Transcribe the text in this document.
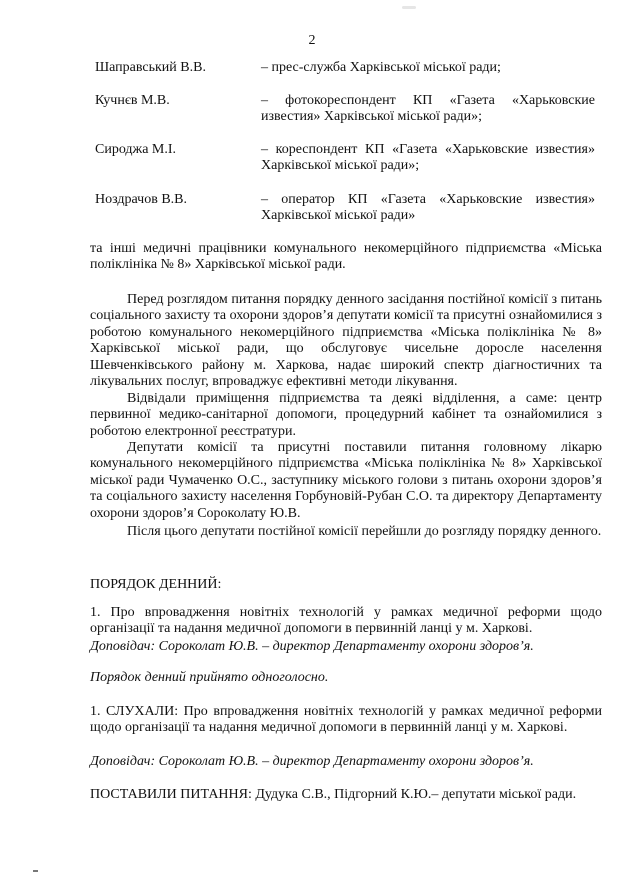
2
Шаправський В.В.	– прес-служба Харківської міської ради;
Кучнєв М.В.	– фотокореспондент КП «Газета «Харьковские известия» Харківської міської ради»;
Сироджа М.І.	– кореспондент КП «Газета «Харьковские известия» Харківської міської ради»;
Ноздрачов В.В.	– оператор КП «Газета «Харьковские известия» Харківської міської ради»
та інші медичні працівники комунального некомерційного підприємства «Міська поліклініка № 8» Харківської міської ради.
Перед розглядом питання порядку денного засідання постійної комісії з питань соціального захисту та охорони здоров’я депутати комісії та присутні ознайомилися з роботою комунального некомерційного підприємства «Міська поліклініка № 8» Харківської міської ради, що обслуговує чисельне доросле населення Шевченківського району м. Харкова, надає широкий спектр діагностичних та лікувальних послуг, впроваджує ефективні методи лікування.
Відвідали приміщення підприємства та деякі відділення, а саме: центр первинної медико-санітарної допомоги, процедурний кабінет та ознайомилися з роботою електронної реєстратури.
Депутати комісії та присутні поставили питання головному лікарю комунального некомерційного підприємства «Міська поліклініка № 8» Харківської міської ради Чумаченко О.С., заступнику міського голови з питань охорони здоров’я та соціального захисту населення Горбуновій-Рубан С.О. та директору Департаменту охорони здоров’я Сороколату Ю.В.
Після цього депутати постійної комісії перейшли до розгляду порядку денного.
ПОРЯДОК ДЕННИЙ:
1. Про впровадження новітніх технологій у рамках медичної реформи щодо організації та надання медичної допомоги в первинній ланці у м. Харкові.
Доповідач: Сороколат Ю.В. – директор Департаменту охорони здоров’я.
Порядок денний прийнято одноголосно.
1. СЛУХАЛИ: Про впровадження новітніх технологій у рамках медичної реформи щодо організації та надання медичної допомоги в первинній ланці у м. Харкові.
Доповідач: Сороколат Ю.В. – директор Департаменту охорони здоров’я.
ПОСТАВИЛИ ПИТАННЯ: Дудука С.В., Підгорний К.Ю.– депутати міської ради.
